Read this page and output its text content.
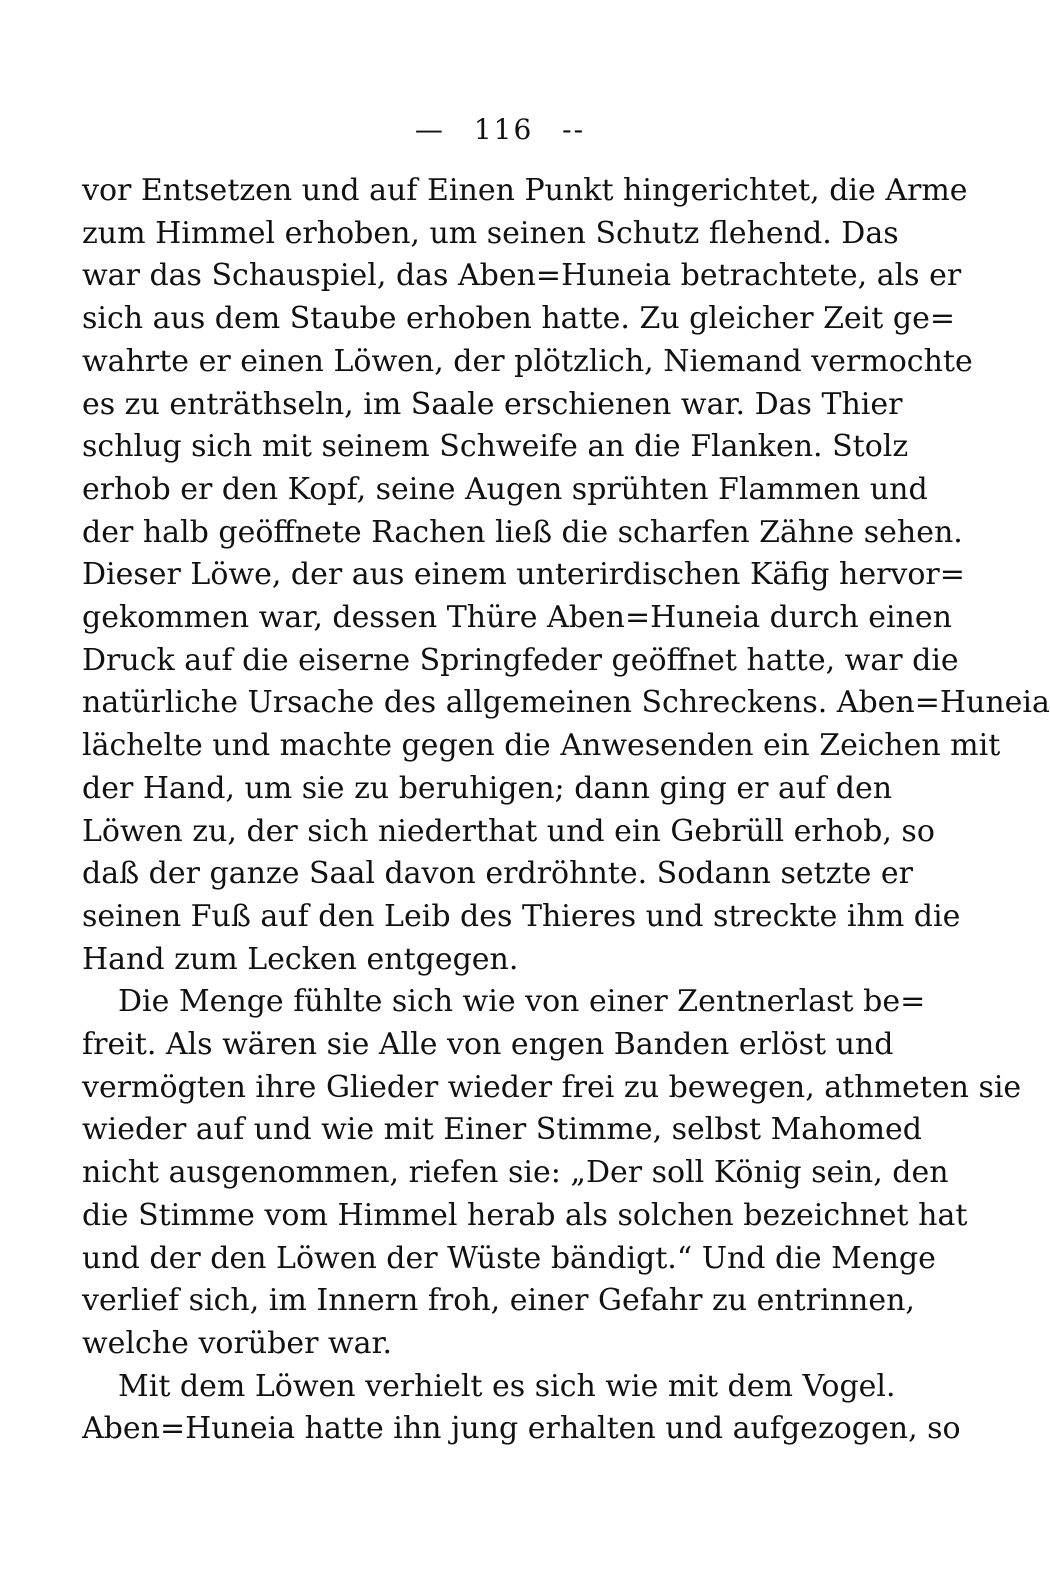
— 116 --
vor Entsetzen und auf Einen Punkt hingerichtet, die Arme
zum Himmel erhoben, um seinen Schutz flehend. Das
war das Schauspiel, das Aben=Huneia betrachtete, als er
sich aus dem Staube erhoben hatte. Zu gleicher Zeit ge=
wahrte er einen Löwen, der plötzlich, Niemand vermochte
es zu enträthseln, im Saale erschienen war. Das Thier
schlug sich mit seinem Schweife an die Flanken. Stolz
erhob er den Kopf, seine Augen sprühten Flammen und
der halb geöffnete Rachen ließ die scharfen Zähne sehen.
Dieser Löwe, der aus einem unterirdischen Käfig hervor=
gekommen war, dessen Thüre Aben=Huneia durch einen
Druck auf die eiserne Springfeder geöffnet hatte, war die
natürliche Ursache des allgemeinen Schreckens. Aben=Huneia
lächelte und machte gegen die Anwesenden ein Zeichen mit
der Hand, um sie zu beruhigen; dann ging er auf den
Löwen zu, der sich niederthat und ein Gebrüll erhob, so
daß der ganze Saal davon erdröhnte. Sodann setzte er
seinen Fuß auf den Leib des Thieres und streckte ihm die
Hand zum Lecken entgegen.
Die Menge fühlte sich wie von einer Zentnerlast be=
freit. Als wären sie Alle von engen Banden erlöst und
vermögten ihre Glieder wieder frei zu bewegen, athmeten sie
wieder auf und wie mit Einer Stimme, selbst Mahomed
nicht ausgenommen, riefen sie: „Der soll König sein, den
die Stimme vom Himmel herab als solchen bezeichnet hat
und der den Löwen der Wüste bändigt.“ Und die Menge
verlief sich, im Innern froh, einer Gefahr zu entrinnen,
welche vorüber war.
Mit dem Löwen verhielt es sich wie mit dem Vogel.
Aben=Huneia hatte ihn jung erhalten und aufgezogen, so
